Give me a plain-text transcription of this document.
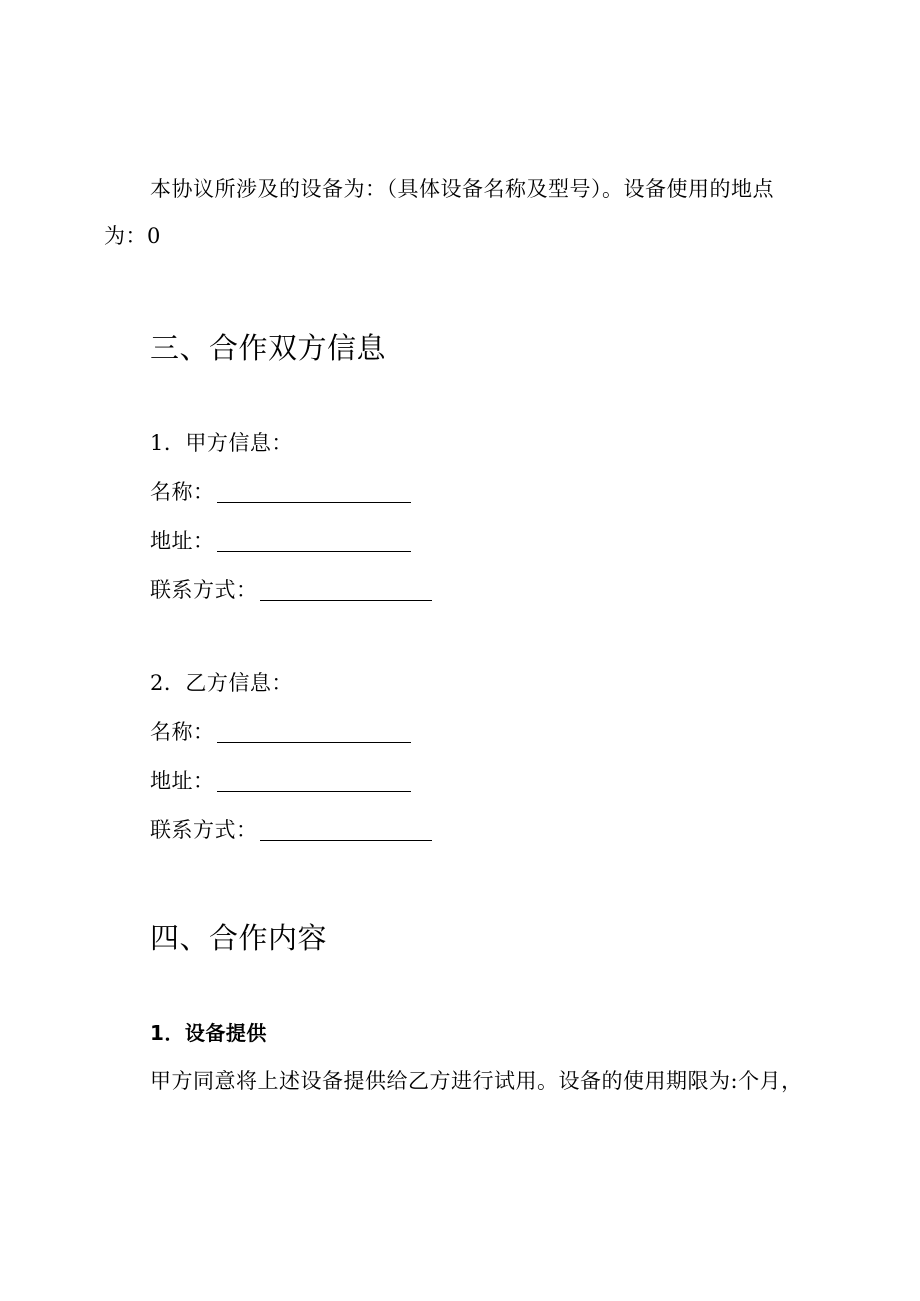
本协议所涉及的设备为：（具体设备名称及型号）。设备使用的地点为：0
三、合作双方信息
1．甲方信息：
名称：
地址：
联系方式：
2．乙方信息：
名称：
地址：
联系方式：
四、合作内容
1．设备提供
甲方同意将上述设备提供给乙方进行试用。设备的使用期限为:个月，
